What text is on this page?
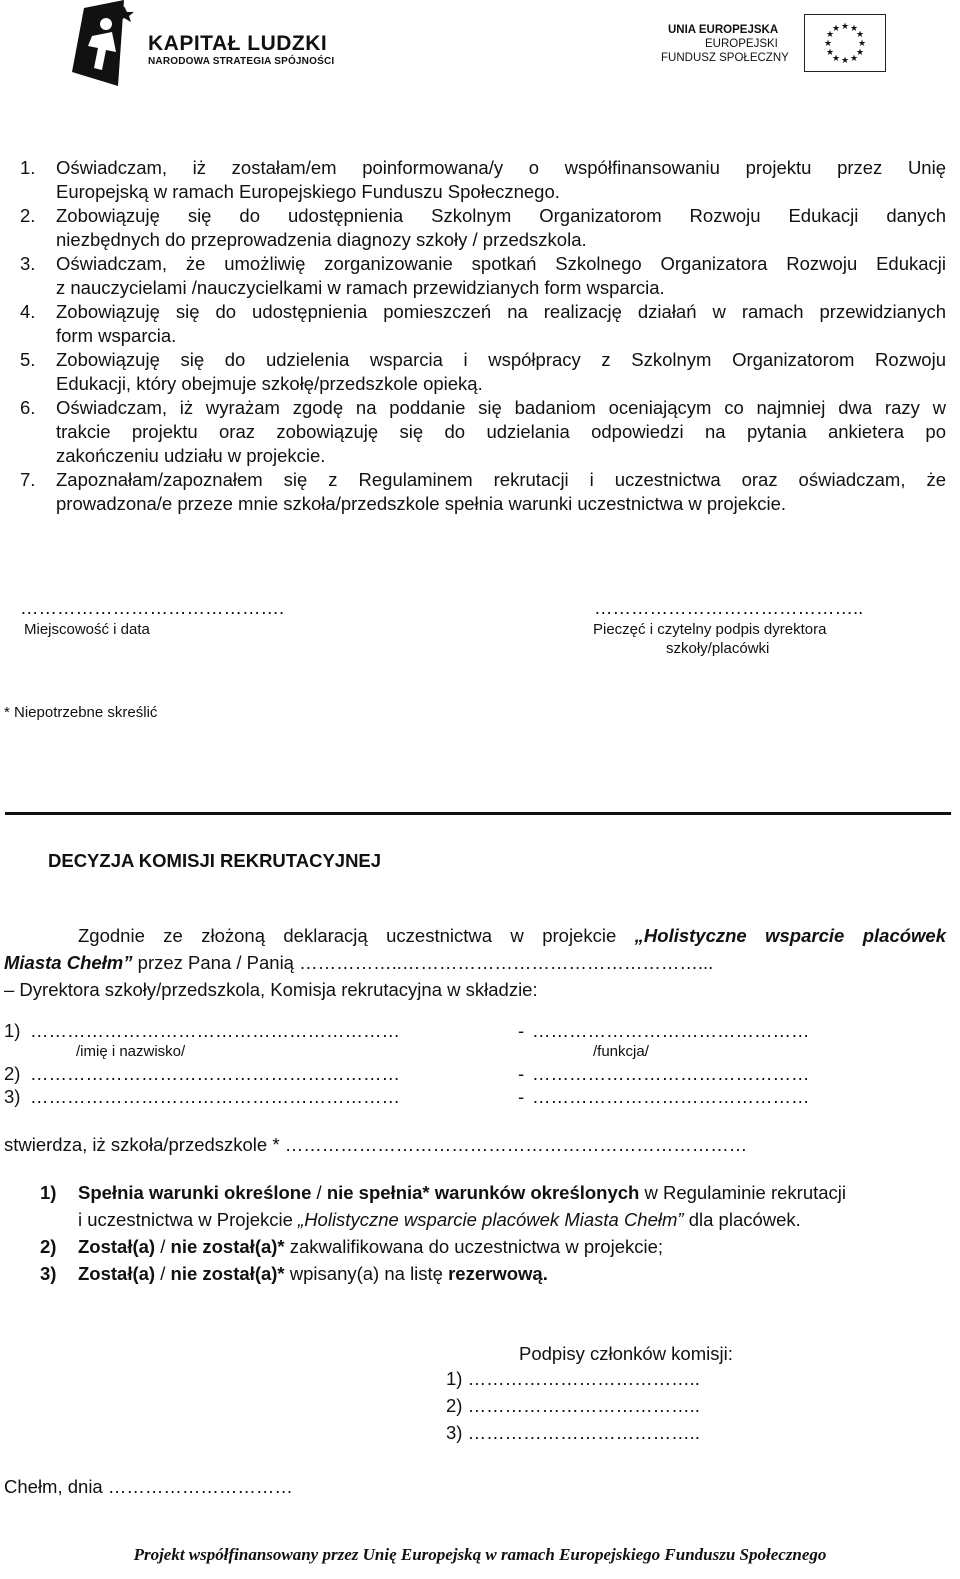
KAPITAŁ LUDZKI
NARODOWA STRATEGIA SPÓJNOŚCI
UNIA EUROPEJSKA
EUROPEJSKI
FUNDUSZ SPOŁECZNY
★ ★
★
★
★
★
★
★
★
★
★
★
1. Oświadczam, iż zostałam/em poinformowana/y o współfinansowaniu projektu przez Unię
Europejską w ramach Europejskiego Funduszu Społecznego.
2. Zobowiązuję się do udostępnienia Szkolnym Organizatorom Rozwoju Edukacji danych
niezbędnych do przeprowadzenia diagnozy szkoły / przedszkola.
3. Oświadczam, że umożliwię zorganizowanie spotkań Szkolnego Organizatora Rozwoju Edukacji
z nauczycielami /nauczycielkami w ramach przewidzianych form wsparcia.
4. Zobowiązuję się do udostępnienia pomieszczeń na realizację działań w ramach przewidzianych
form wsparcia.
5. Zobowiązuję się do udzielenia wsparcia i współpracy z Szkolnym Organizatorom Rozwoju
Edukacji, który obejmuje szkołę/przedszkole opieką.
6. Oświadczam, iż wyrażam zgodę na poddanie się badaniom oceniającym co najmniej dwa razy w
trakcie projektu oraz zobowiązuję się do udzielania odpowiedzi na pytania ankietera po
zakończeniu udziału w projekcie.
7. Zapoznałam/zapoznałem się z Regulaminem rekrutacji i uczestnictwa oraz oświadczam, że
prowadzona/e przeze mnie szkoła/przedszkole spełnia warunki uczestnictwa w projekcie.
…………………………………….
Miejscowość i data
……………………………………..
Pieczęć i czytelny podpis dyrektora
szkoły/placówki
* Niepotrzebne skreślić
DECYZJA KOMISJI REKRUTACYJNEJ
Zgodnie ze złożoną deklaracją uczestnictwa w projekcie „Holistyczne wsparcie placówek
Miasta Chełm” przez Pana / Panią ……………..…………………………………………...
– Dyrektora szkoły/przedszkola, Komisja rekrutacyjna w składzie:
1) ……………………………………………………	- ………………………………………
/imię i nazwisko/	/funkcja/
2) ……………………………………………………	- ………………………………………
3) ……………………………………………………	- ………………………………………
stwierdza, iż szkoła/przedszkole * …………………………………………………………………
1) Spełnia warunki określone / nie spełnia* warunków określonych w Regulaminie rekrutacji
i uczestnictwa w Projekcie „Holistyczne wsparcie placówek Miasta Chełm” dla placówek.
2) Został(a) / nie został(a)* zakwalifikowana do uczestnictwa w projekcie;
3) Został(a) / nie został(a)* wpisany(a) na listę rezerwową.
Podpisy członków komisji:
1) ………………………………..
2) ………………………………..
3) ………………………………..
Chełm, dnia …………………………
Projekt współfinansowany przez Unię Europejską w ramach Europejskiego Funduszu Społecznego
